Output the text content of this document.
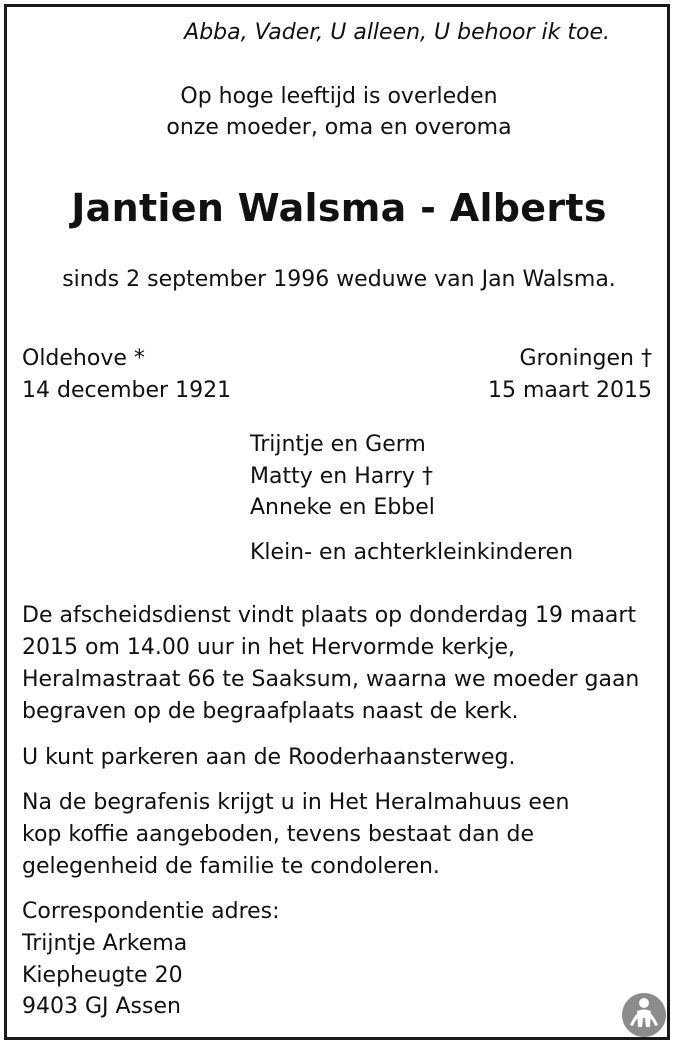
Abba, Vader, U alleen, U behoor ik toe.
Op hoge leeftijd is overleden
onze moeder, oma en overoma
Jantien Walsma - Alberts
sinds 2 september 1996 weduwe van Jan Walsma.
Oldehove *
14 december 1921
Groningen †
15 maart 2015
Trijntje en Germ
Matty en Harry †
Anneke en Ebbel
Klein- en achterkleinkinderen
De afscheidsdienst vindt plaats op donderdag 19 maart
2015 om 14.00 uur in het Hervormde kerkje,
Heralmastraat 66 te Saaksum, waarna we moeder gaan
begraven op de begraafplaats naast de kerk.
U kunt parkeren aan de Rooderhaansterweg.
Na de begrafenis krijgt u in Het Heralmahuus een
kop koffie aangeboden, tevens bestaat dan de
gelegenheid de familie te condoleren.
Correspondentie adres:
Trijntje Arkema
Kiepheugte 20
9403 GJ Assen
